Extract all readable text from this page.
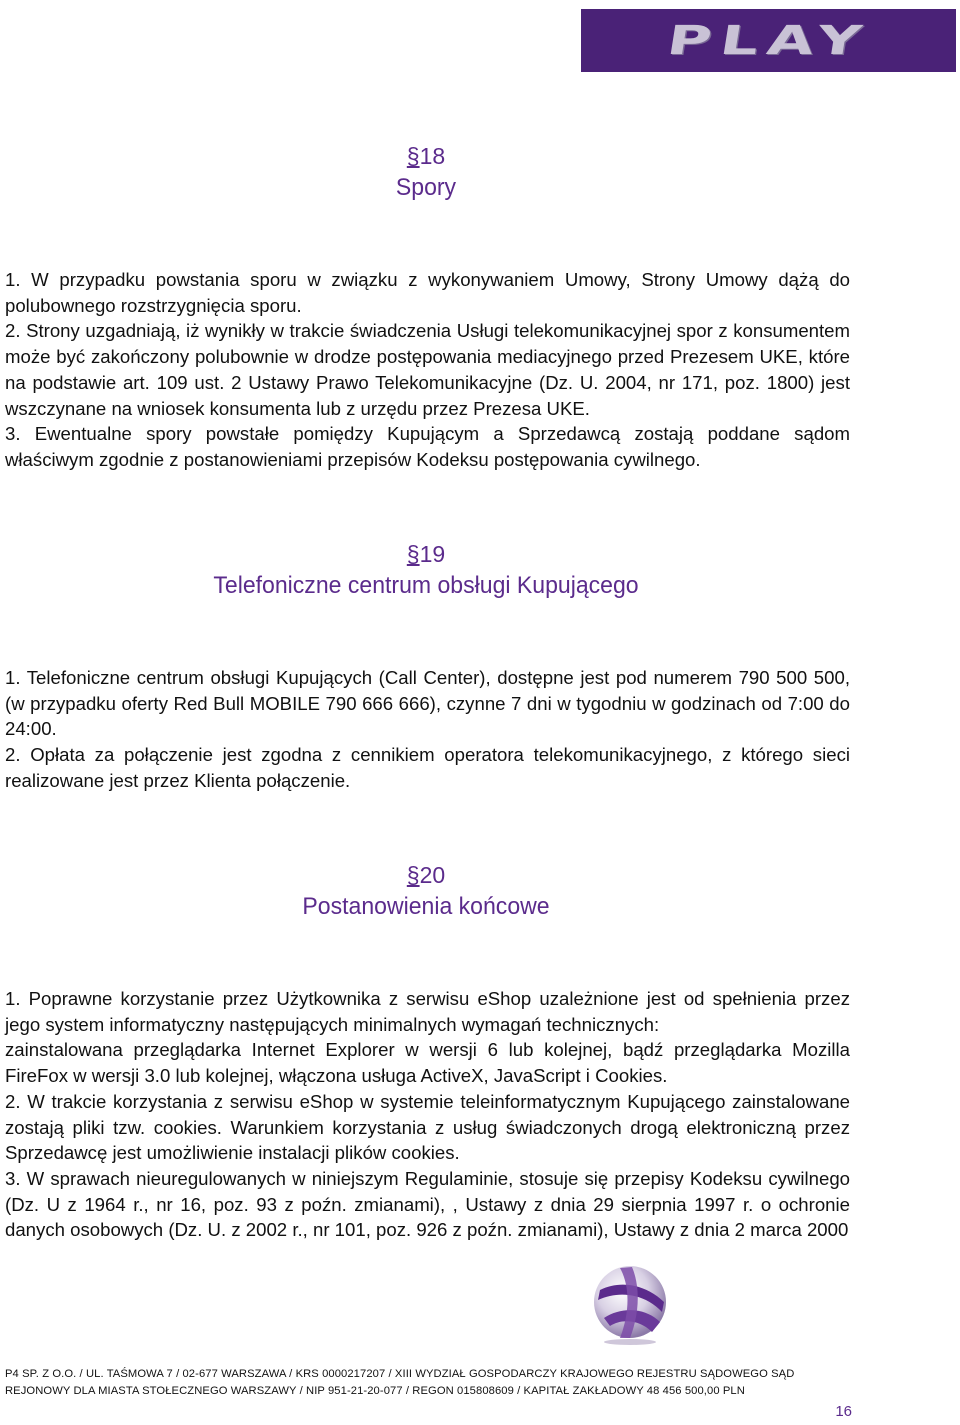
PLAY
§18
Spory

1. W przypadku powstania sporu w związku z wykonywaniem Umowy, Strony Umowy dążą do polubownego rozstrzygnięcia sporu.

2. Strony uzgadniają, iż wynikły w trakcie świadczenia Usługi telekomunikacyjnej spor z konsumentem może być zakończony polubownie w drodze postępowania mediacyjnego przed Prezesem UKE, które na podstawie art. 109 ust. 2 Ustawy Prawo Telekomunikacyjne (Dz. U. 2004, nr 171, poz. 1800) jest wszczynane na wniosek konsumenta lub z urzędu przez Prezesa UKE.

3. Ewentualne spory powstałe pomiędzy Kupującym a Sprzedawcą zostają poddane sądom właściwym zgodnie z postanowieniami przepisów Kodeksu postępowania cywilnego.

§19
Telefoniczne centrum obsługi Kupującego

1. Telefoniczne centrum obsługi Kupujących (Call Center), dostępne jest pod numerem 790 500 500, (w przypadku oferty Red Bull MOBILE 790 666 666), czynne 7 dni w tygodniu w godzinach od 7:00 do 24:00.

2. Opłata za połączenie jest zgodna z cennikiem operatora telekomunikacyjnego, z którego sieci realizowane jest przez Klienta połączenie.

§20
Postanowienia końcowe

1. Poprawne korzystanie przez Użytkownika z serwisu eShop uzależnione jest od spełnienia przez jego system informatyczny następujących minimalnych wymagań technicznych:

zainstalowana przeglądarka Internet Explorer w wersji 6 lub kolejnej, bądź przeglądarka Mozilla FireFox w wersji 3.0 lub kolejnej, włączona usługa ActiveX, JavaScript i Cookies.

2. W trakcie korzystania z serwisu eShop w systemie teleinformatycznym Kupującego zainstalowane zostają pliki tzw. cookies. Warunkiem korzystania z usług świadczonych drogą elektroniczną przez Sprzedawcę jest umożliwienie instalacji plików cookies.

3. W sprawach nieuregulowanych w niniejszym Regulaminie, stosuje się przepisy Kodeksu cywilnego (Dz. U z 1964 r., nr 16, poz. 93 z poźn. zmianami), , Ustawy z dnia 29 sierpnia 1997 r. o ochronie danych osobowych (Dz. U. z 2002 r., nr 101, poz. 926 z poźn. zmianami), Ustawy z dnia 2 marca 2000

P4 SP. Z O.O. / UL. TAŚMOWA 7 / 02-677 WARSZAWA / KRS 0000217207 / XIII WYDZIAŁ GOSPODARCZY KRAJOWEGO REJESTRU SĄDOWEGO SĄD
REJONOWY DLA MIASTA STOŁECZNEGO WARSZAWY / NIP 951-21-20-077 / REGON 015808609 / KAPITAŁ ZAKŁADOWY 48 456 500,00 PLN
16
